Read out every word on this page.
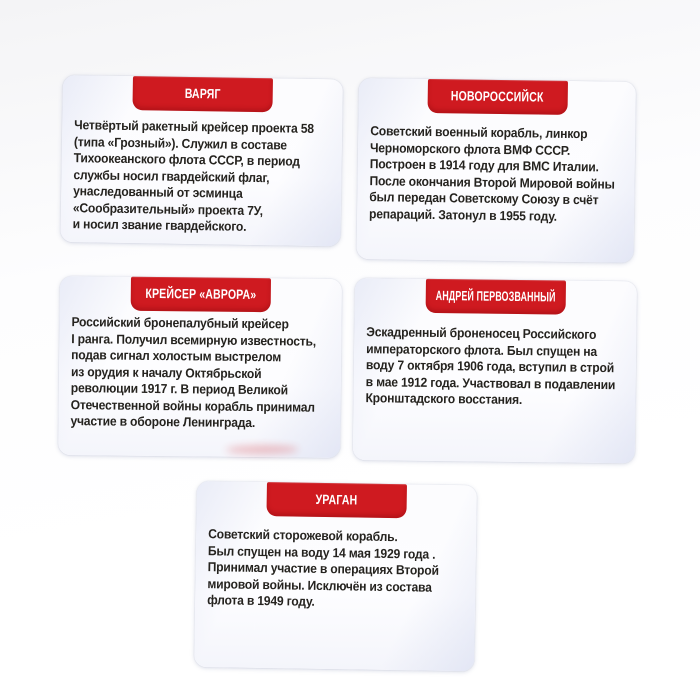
ВАРЯГ
Четвёртый ракетный крейсер проекта 58
(типа «Грозный»). Служил в составе
Тихоокеанского флота СССР, в период
службы носил гвардейский флаг,
унаследованный от эсминца
«Сообразительный» проекта 7У,
и носил звание гвардейского.
НОВОРОССИЙСК
Советский военный корабль, линкор
Черноморского флота ВМФ СССР.
Построен в 1914 году для ВМС Италии.
После окончания Второй Мировой войны
был передан Советскому Союзу в счёт
репараций. Затонул в 1955 году.
КРЕЙСЕР «АВРОРА»
Российский бронепалубный крейсер
I ранга. Получил всемирную известность,
подав сигнал холостым выстрелом
из орудия к началу Октябрьской
революции 1917 г. В период Великой
Отечественной войны корабль принимал
участие в обороне Ленинграда.
АНДРЕЙ ПЕРВОЗВАННЫЙ
Эскадренный броненосец Российского
императорского флота. Был спущен на
воду 7 октября 1906 года, вступил в строй
в мае 1912 года. Участвовал в подавлении
Кронштадского восстания.
УРАГАН
Советский сторожевой корабль.
Был спущен на воду 14 мая 1929 года .
Принимал участие в операциях Второй
мировой войны. Исключён из состава
флота в 1949 году.
